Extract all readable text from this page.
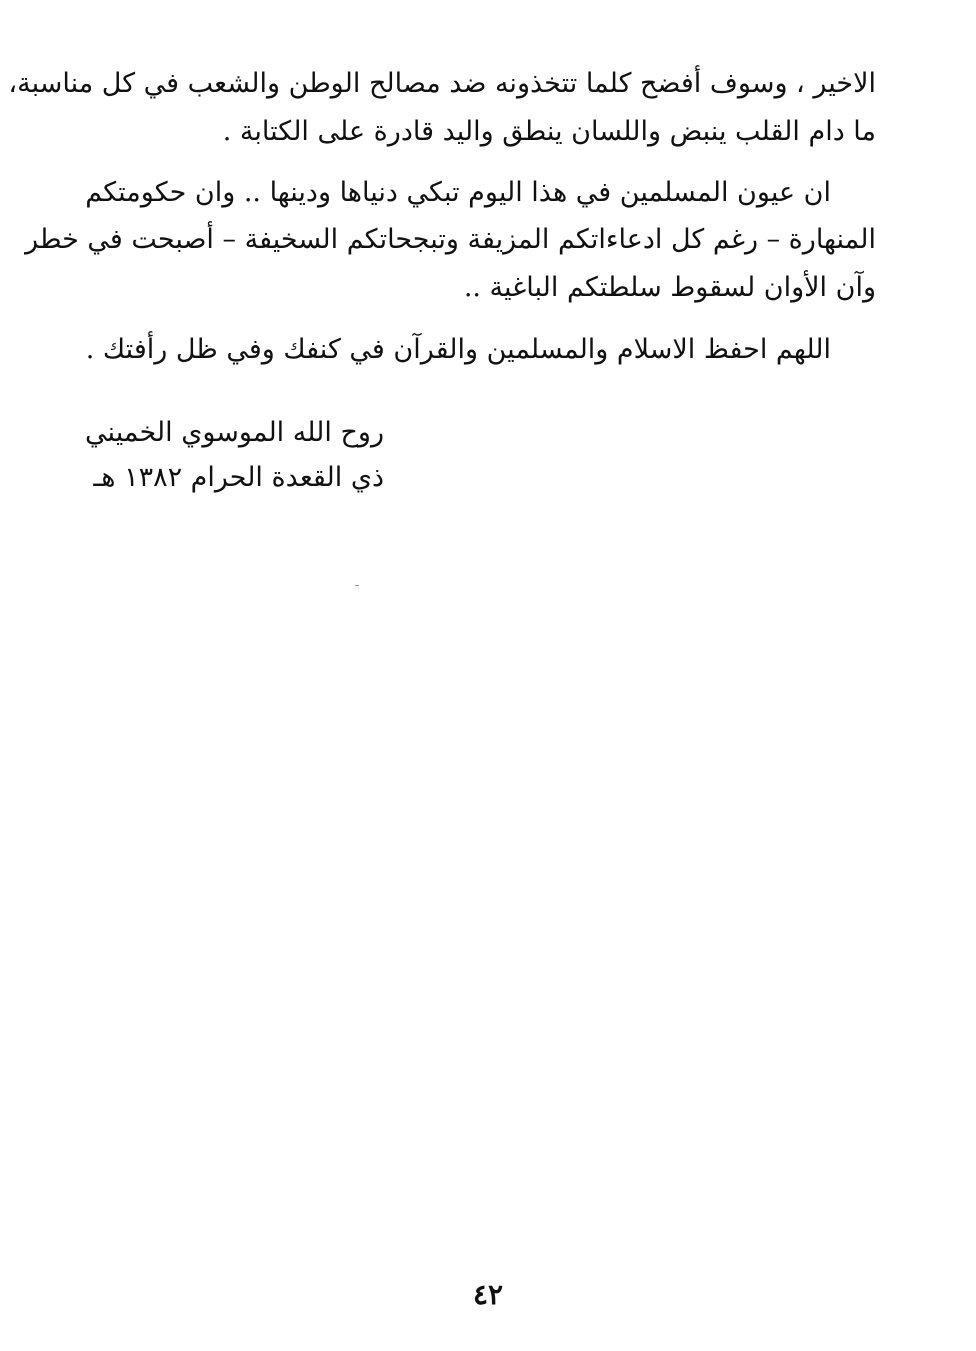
الاخير ، وسوف أفضح كلما تتخذونه ضد مصالح الوطن والشعب في كل مناسبة،
ما دام القلب ينبض واللسان ينطق واليد قادرة على الكتابة .
ان عيون المسلمين في هذا اليوم تبكي دنياها ودينها .. وان حكومتكم
المنهارة – رغم كل ادعاءاتكم المزيفة وتبجحاتكم السخيفة – أصبحت في خطر
وآن الأوان لسقوط سلطتكم الباغية ..
اللهم احفظ الاسلام والمسلمين والقرآن في كنفك وفي ظل رأفتك .
روح الله الموسوي الخميني
ذي القعدة الحرام ١٣٨٢ هـ
٤٢
